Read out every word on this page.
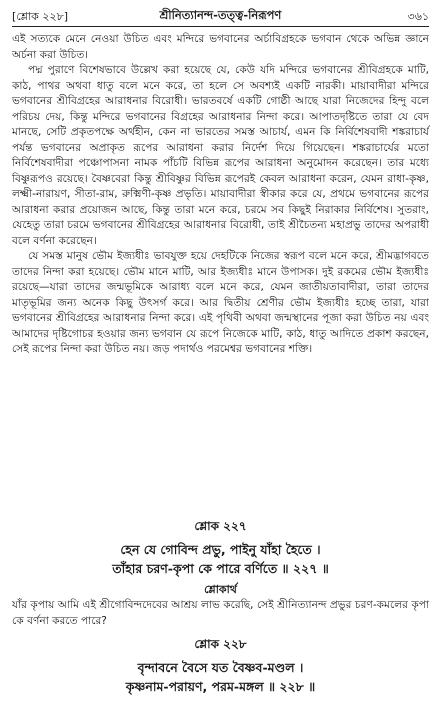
[শ্লোক ২২৮]	শ্রীনিত্যানন্দ-তত্ত্ব-নিরূপণ	৩৬১

এই সত্যকে মেনে নেওয়া উচিত এবং মন্দিরে ভগবানের অর্চাবিগ্রহকে ভগবান থেকে অভিন্ন জ্ঞানে অর্চনা করা উচিত।

পদ্ম পুরাণে বিশেষভাবে উল্লেখ করা হয়েছে যে, কেউ যদি মন্দিরে ভগবানের শ্রীবিগ্রহকে মাটি, কাঠ, পাথর অথবা ধাতু বলে মনে করে, তা হলে সে অবশ্যই একটি নারকী। মায়াবাদীরা মন্দিরে ভগবানের শ্রীবিগ্রহের আরাধনার বিরোধী। ভারতবর্ষে একটি গোষ্ঠী আছে যারা নিজেদের হিন্দু বলে পরিচয় দেয়, কিন্তু মন্দিরে ভগবানের বিগ্রহের আরাধনার নিন্দা করে। আপাতদৃষ্টিতে তারা যে বেদ মানছে, সেটি প্রকৃতপক্ষে অর্থহীন, কেন না ভারতের সমস্ত আচার্য, এমন কি নির্বিশেষবাদী শঙ্করাচার্য পর্যন্ত ভগবানের অপ্রাকৃত রূপের আরাধনা করার নির্দেশ দিয়ে গিয়েছেন। শঙ্করাচার্যের মতো নির্বিশেষবাদীরা পঞ্চোপাসনা নামক পাঁচটি বিভিন্ন রূপের আরাধনা অনুমোদন করেছেন। তার মধ্যে বিষ্ণুরূপও রয়েছে। বৈষ্ণবেরা কিন্তু শ্রীবিষ্ণুর বিভিন্ন রূপেরই কেবল আরাধনা করেন, যেমন রাধা-কৃষ্ণ, লক্ষ্মী-নারায়ণ, সীতা-রাম, রুক্মিণী-কৃষ্ণ প্রভৃতি। মায়াবাদীরা স্বীকার করে যে, প্রথমে ভগবানের রূপের আরাধনা করার প্রয়োজন আছে, কিন্তু তারা মনে করে, চরমে সব কিছুই নিরাকার নির্বিশেষ। সুতরাং, যেহেতু তারা চরমে ভগবানের শ্রীবিগ্রহের আরাধনার বিরোধী, তাই শ্রীচৈতন্য মহাপ্রভু তাদের অপরাধী বলে বর্ণনা করেছেন।

যে সমস্ত মানুষ ভৌম ইজ্যধীঃ ভাবযুক্ত হয়ে দেহটিকে নিজের স্বরূপ বলে মনে করে, শ্রীমদ্ভাগবতে তাদের নিন্দা করা হয়েছে। ভৌম মানে মাটি, আর ইজ্যধীঃ মানে উপাসক। দুই রকমের ভৌম ইজ্যধীঃ রয়েছে—যারা তাদের জন্মভূমিকে আরাধ্য বলে মনে করে, যেমন জাতীয়তাবাদীরা, তারা তাদের মাতৃভূমির জন্য অনেক কিছু উৎসর্গ করে। আর দ্বিতীয় শ্রেণীর ভৌম ইজ্যধীঃ হচ্ছে তারা, যারা ভগবানের শ্রীবিগ্রহের আরাধনার নিন্দা করে। এই পৃথিবী অথবা জন্মস্থানের পূজা করা উচিত নয় এবং আমাদের দৃষ্টিগোচর হওয়ার জন্য ভগবান যে রূপে নিজেকে মাটি, কাঠ, ধাতু আদিতে প্রকাশ করছেন, সেই রূপের নিন্দা করা উচিত নয়। জড় পদার্থও পরমেশ্বর ভগবানের শক্তি।

শ্লোক ২২৭
হেন যে গোবিন্দ প্রভু, পাইনু যাঁহা হৈতে ।
তাঁহার চরণ-কৃপা কে পারে বর্ণিতে ॥ ২২৭ ॥
শ্লোকার্থ

যাঁর কৃপায় আমি এই শ্রীগোবিন্দদেবের আশ্রয় লাভ করেছি, সেই শ্রীনিত্যানন্দ প্রভুর চরণ-কমলের কৃপা কে বর্ণনা করতে পারে?

শ্লোক ২২৮
বৃন্দাবনে বৈসে যত বৈষ্ণব-মণ্ডল ।
কৃষ্ণনাম-পরায়ণ, পরম-মঙ্গল ॥ ২২৮ ॥
